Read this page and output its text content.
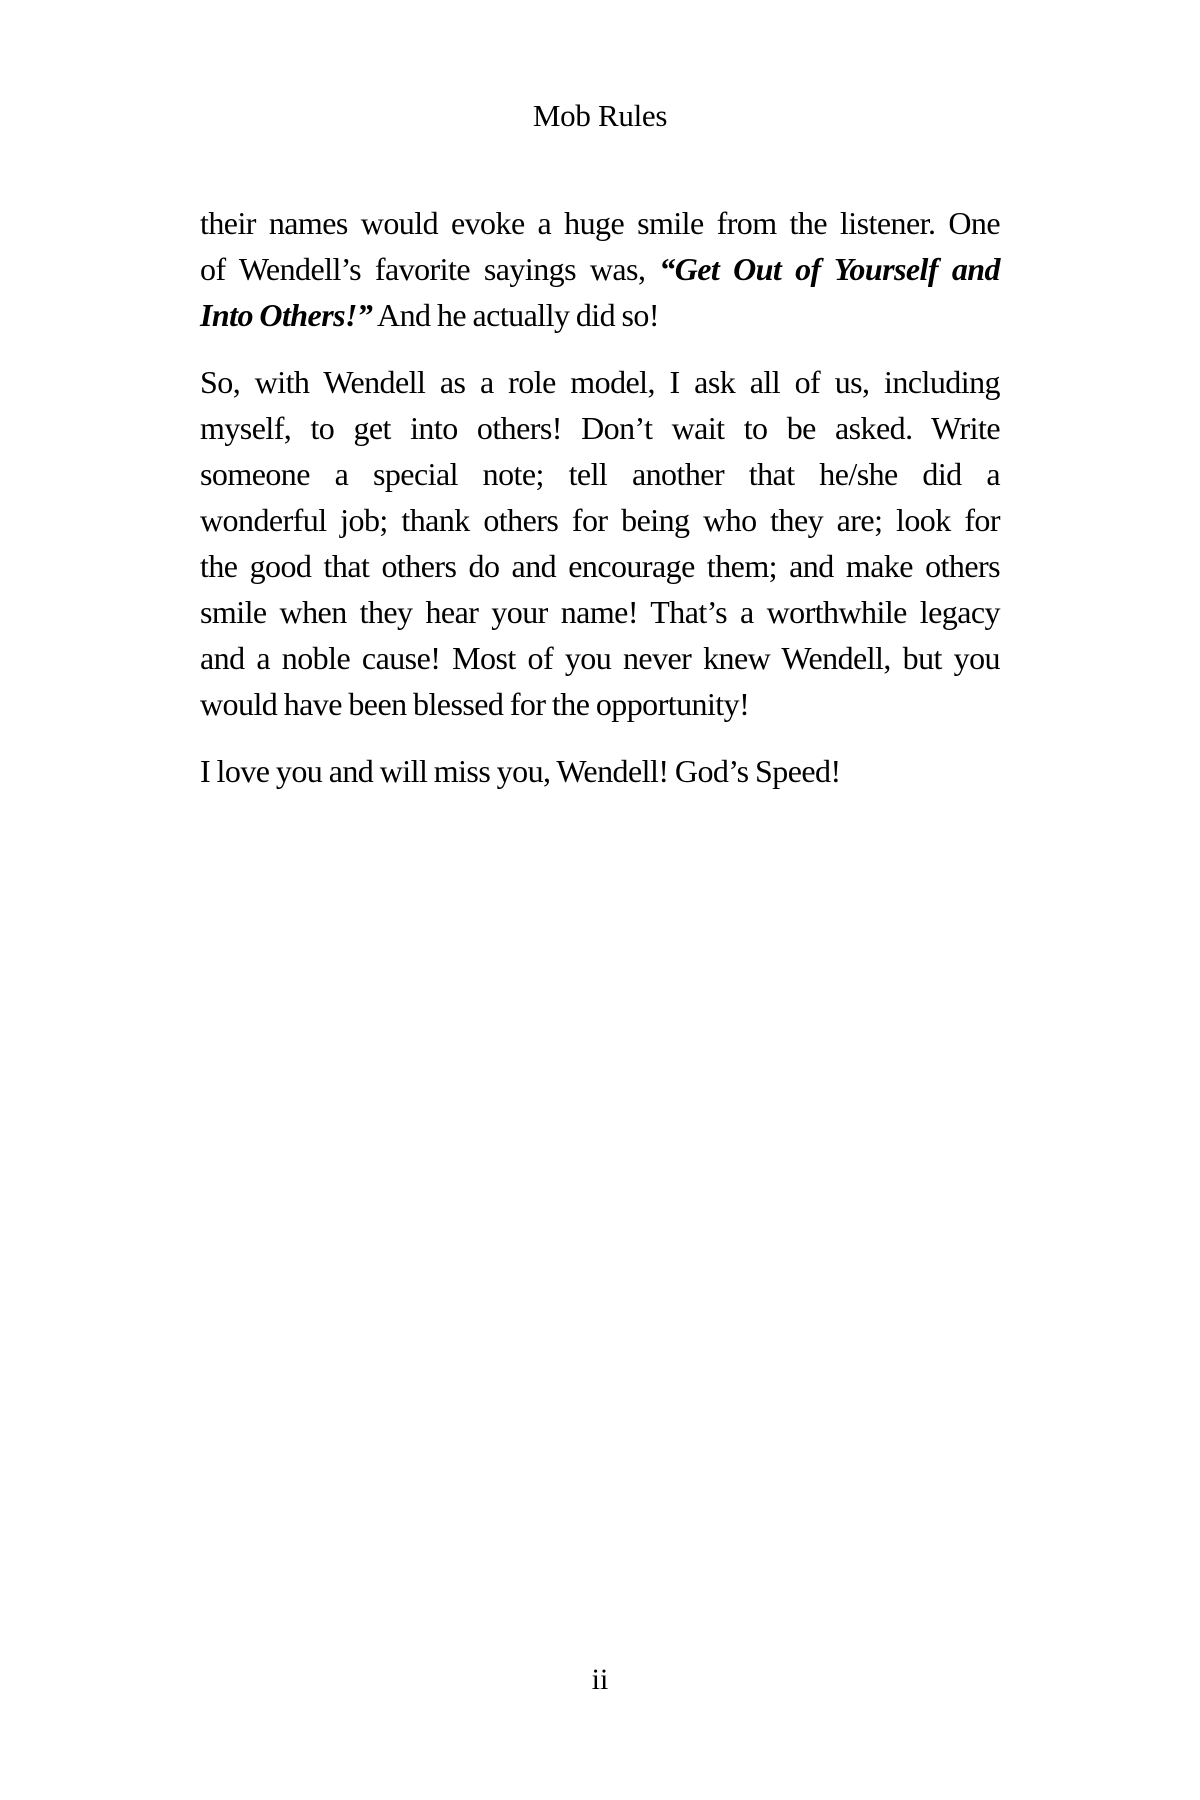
Mob Rules

their names would evoke a huge smile from the listener. One
of Wendell’s favorite sayings was, “Get Out of Yourself and
Into Others!” And he actually did so!

So, with Wendell as a role model, I ask all of us, including
myself, to get into others! Don’t wait to be asked. Write
someone a special note; tell another that he/she did a
wonderful job; thank others for being who they are; look for
the good that others do and encourage them; and make others
smile when they hear your name! That’s a worthwhile legacy
and a noble cause! Most of you never knew Wendell, but you
would have been blessed for the opportunity!

I love you and will miss you, Wendell! God’s Speed!

ii
